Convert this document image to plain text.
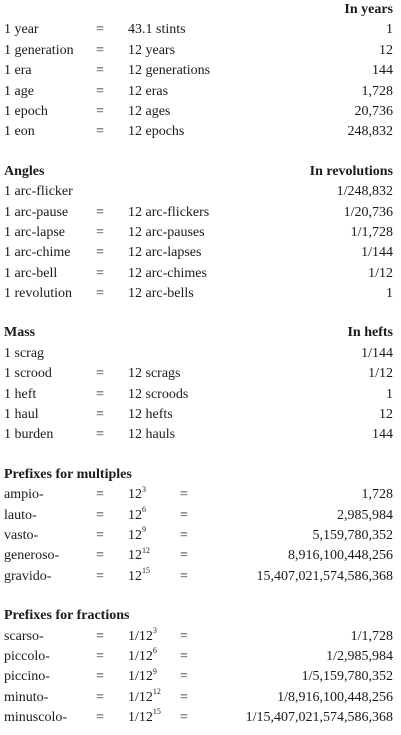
In years
1 year	= 43.1 stints	1
1 generation = 12 years	12
1 era	= 12 generations	144
1 age	= 12 eras	1,728
1 epoch	= 12 ages	20,736
1 eon	= 12 epochs	248,832
Angles	In revolutions
1 arc-flicker	1/248,832
1 arc-pause = 12 arc-flickers	1/20,736
1 arc-lapse = 12 arc-pauses	1/1,728
1 arc-chime = 12 arc-lapses	1/144
1 arc-bell	= 12 arc-chimes	1/12
1 revolution = 12 arc-bells	1
Mass	In hefts
1 scrag	1/144
1 scrood	= 12 scrags	1/12
1 heft	= 12 scroods	1
1 haul	= 12 hefts	12
1 burden	= 12 hauls	144
Prefixes for multiples
ampio-	= $12^3$ =	1,728
lauto-	= $12^6$ =	2,985,984
vasto-	= $12^9$ =	5,159,780,352
generoso-	= $12^{12}$ =	8,916,100,448,256
gravido-	= $12^{15}$ =	15,407,021,574,586,368
Prefixes for fractions
scarso-	= $1/12^3$ =	1/1,728
piccolo-	= $1/12^6$ =	1/2,985,984
piccino-	= $1/12^9$ =	1/5,159,780,352
minuto-	= $1/12^{12}$ =	1/8,916,100,448,256
minuscolo- = $1/12^{15}$ =	1/15,407,021,574,586,368
